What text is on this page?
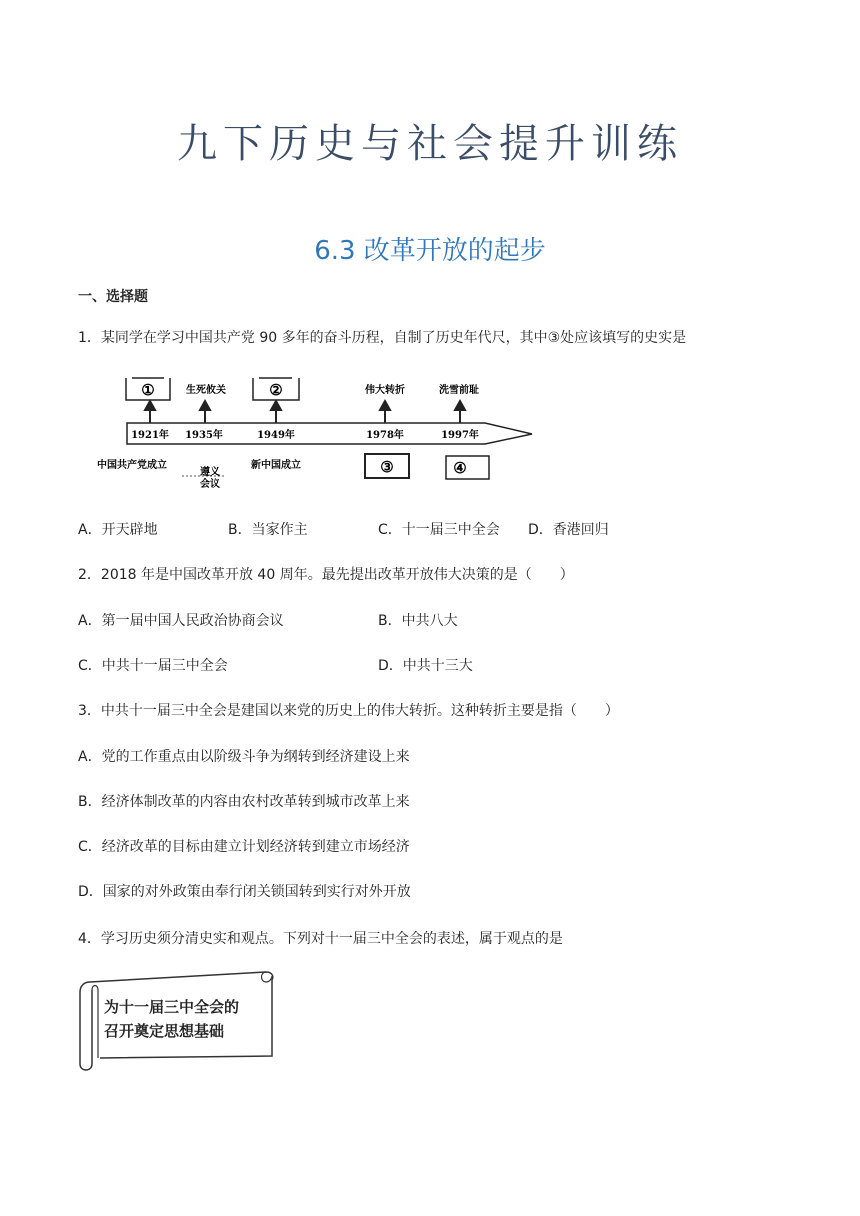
九下历史与社会提升训练
6.3 改革开放的起步
一、选择题
1．某同学在学习中国共产党 90 多年的奋斗历程，自制了历史年代尺，其中③处应该填写的史实是
①	生死攸关	②	伟大转折	洗雪前耻
1921年 1935年	1949年	1978年	1997年
中国共产党成立
遵义
会议
新中国成立	③	④
A．开天辟地	B．当家作主	C．十一届三中全会 D．香港回归
2．2018 年是中国改革开放 40 周年。最先提出改革开放伟大决策的是（　　）
A．第一届中国人民政治协商会议	B．中共八大
C．中共十一届三中全会	D．中共十三大
3．中共十一届三中全会是建国以来党的历史上的伟大转折。这种转折主要是指（　　）
A．党的工作重点由以阶级斗争为纲转到经济建设上来
B．经济体制改革的内容由农村改革转到城市改革上来
C．经济改革的目标由建立计划经济转到建立市场经济
D．国家的对外政策由奉行闭关锁国转到实行对外开放
4．学习历史须分清史实和观点。下列对十一届三中全会的表述，属于观点的是
为十一届三中全会的
召开奠定思想基础
